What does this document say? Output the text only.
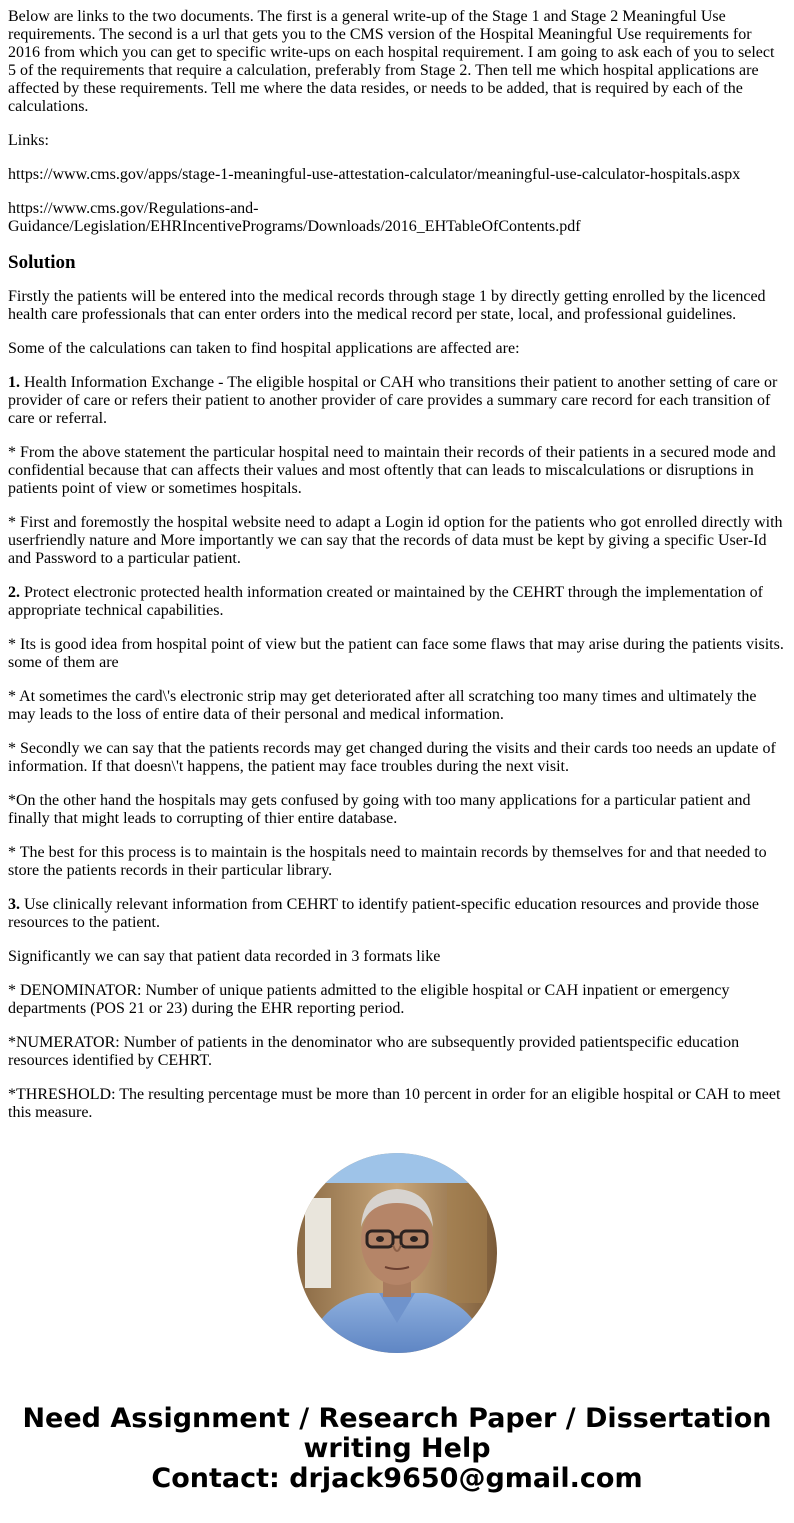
Below are links to the two documents. The first is a general write-up of the Stage 1 and Stage 2 Meaningful Use requirements. The second is a url that gets you to the CMS version of the Hospital Meaningful Use requirements for 2016 from which you can get to specific write-ups on each hospital requirement. I am going to ask each of you to select 5 of the requirements that require a calculation, preferably from Stage 2. Then tell me which hospital applications are affected by these requirements. Tell me where the data resides, or needs to be added, that is required by each of the calculations.

Links:

https://www.cms.gov/apps/stage-1-meaningful-use-attestation-calculator/meaningful-use-calculator-hospitals.aspx

https://www.cms.gov/Regulations-and-Guidance/Legislation/EHRIncentivePrograms/Downloads/2016_EHTableOfContents.pdf

Solution

Firstly the patients will be entered into the medical records through stage 1 by directly getting enrolled by the licenced health care professionals that can enter orders into the medical record per state, local, and professional guidelines.

Some of the calculations can taken to find hospital applications are affected are:

1. Health Information Exchange - The eligible hospital or CAH who transitions their patient to another setting of care or provider of care or refers their patient to another provider of care provides a summary care record for each transition of care or referral.

* From the above statement the particular hospital need to maintain their records of their patients in a secured mode and confidential because that can affects their values and most oftently that can leads to miscalculations or disruptions in patients point of view or sometimes hospitals.

* First and foremostly the hospital website need to adapt a Login id option for the patients who got enrolled directly with userfriendly nature and More importantly we can say that the records of data must be kept by giving a specific User-Id and Password to a particular patient.

2. Protect electronic protected health information created or maintained by the CEHRT through the implementation of appropriate technical capabilities.

* Its is good idea from hospital point of view but the patient can face some flaws that may arise during the patients visits. some of them are

* At sometimes the card\'s electronic strip may get deteriorated after all scratching too many times and ultimately the may leads to the loss of entire data of their personal and medical information.

* Secondly we can say that the patients records may get changed during the visits and their cards too needs an update of information. If that doesn\'t happens, the patient may face troubles during the next visit.

*On the other hand the hospitals may gets confused by going with too many applications for a particular patient and finally that might leads to corrupting of thier entire database.

* The best for this process is to maintain is the hospitals need to maintain records by themselves for and that needed to store the patients records in their particular library.

3. Use clinically relevant information from CEHRT to identify patient-specific education resources and provide those resources to the patient.

Significantly we can say that patient data recorded in 3 formats like

* DENOMINATOR: Number of unique patients admitted to the eligible hospital or CAH inpatient or emergency departments (POS 21 or 23) during the EHR reporting period.

*NUMERATOR: Number of patients in the denominator who are subsequently provided patientspecific education resources identified by CEHRT.

*THRESHOLD: The resulting percentage must be more than 10 percent in order for an eligible hospital or CAH to meet this measure.

Need Assignment / Research Paper / Dissertation
writing Help
Contact: drjack9650@gmail.com
